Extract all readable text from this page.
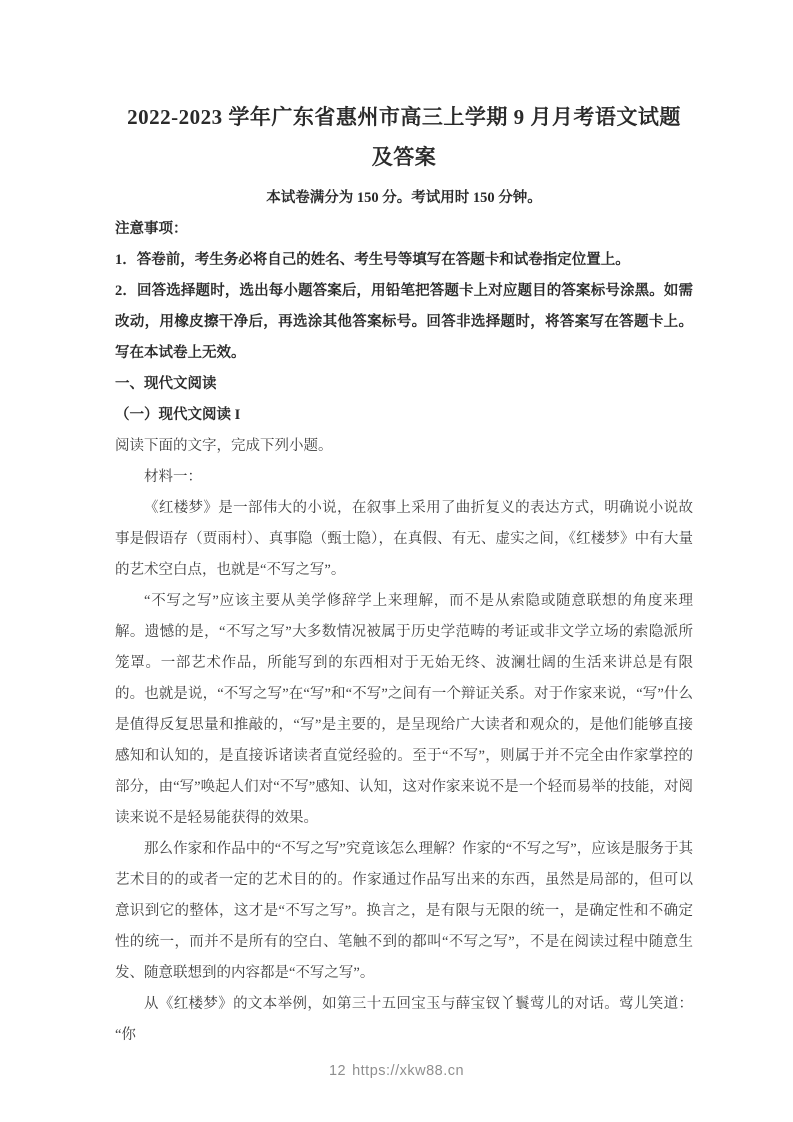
2022-2023 学年广东省惠州市高三上学期 9 月月考语文试题
及答案

本试卷满分为 150 分。考试用时 150 分钟。

注意事项：

1．答卷前，考生务必将自己的姓名、考生号等填写在答题卡和试卷指定位置上。

2．回答选择题时，选出每小题答案后，用铅笔把答题卡上对应题目的答案标号涂黑。如需改动，用橡皮擦干净后，再选涂其他答案标号。回答非选择题时，将答案写在答题卡上。写在本试卷上无效。

一、现代文阅读

（一）现代文阅读 I

阅读下面的文字，完成下列小题。

材料一：

《红楼梦》是一部伟大的小说，在叙事上采用了曲折复义的表达方式，明确说小说故事是假语存（贾雨村）、真事隐（甄士隐），在真假、有无、虚实之间，《红楼梦》中有大量的艺术空白点，也就是“不写之写”。

“不写之写”应该主要从美学修辞学上来理解，而不是从索隐或随意联想的角度来理解。遗憾的是，“不写之写”大多数情况被属于历史学范畴的考证或非文学立场的索隐派所笼罩。一部艺术作品，所能写到的东西相对于无始无终、波澜壮阔的生活来讲总是有限的。也就是说，“不写之写”在“写”和“不写”之间有一个辩证关系。对于作家来说，“写”什么是值得反复思量和推敲的，“写”是主要的，是呈现给广大读者和观众的，是他们能够直接感知和认知的，是直接诉诸读者直觉经验的。至于“不写”，则属于并不完全由作家掌控的部分，由“写”唤起人们对“不写”感知、认知，这对作家来说不是一个轻而易举的技能，对阅读来说不是轻易能获得的效果。

那么作家和作品中的“不写之写”究竟该怎么理解？作家的“不写之写”，应该是服务于其艺术目的的或者一定的艺术目的的。作家通过作品写出来的东西，虽然是局部的，但可以意识到它的整体，这才是“不写之写”。换言之，是有限与无限的统一，是确定性和不确定性的统一，而并不是所有的空白、笔触不到的都叫“不写之写”，不是在阅读过程中随意生发、随意联想到的内容都是“不写之写”。

从《红楼梦》的文本举例，如第三十五回宝玉与薛宝钗丫鬟莺儿的对话。莺儿笑道：“你

12 https://xkw88.cn
